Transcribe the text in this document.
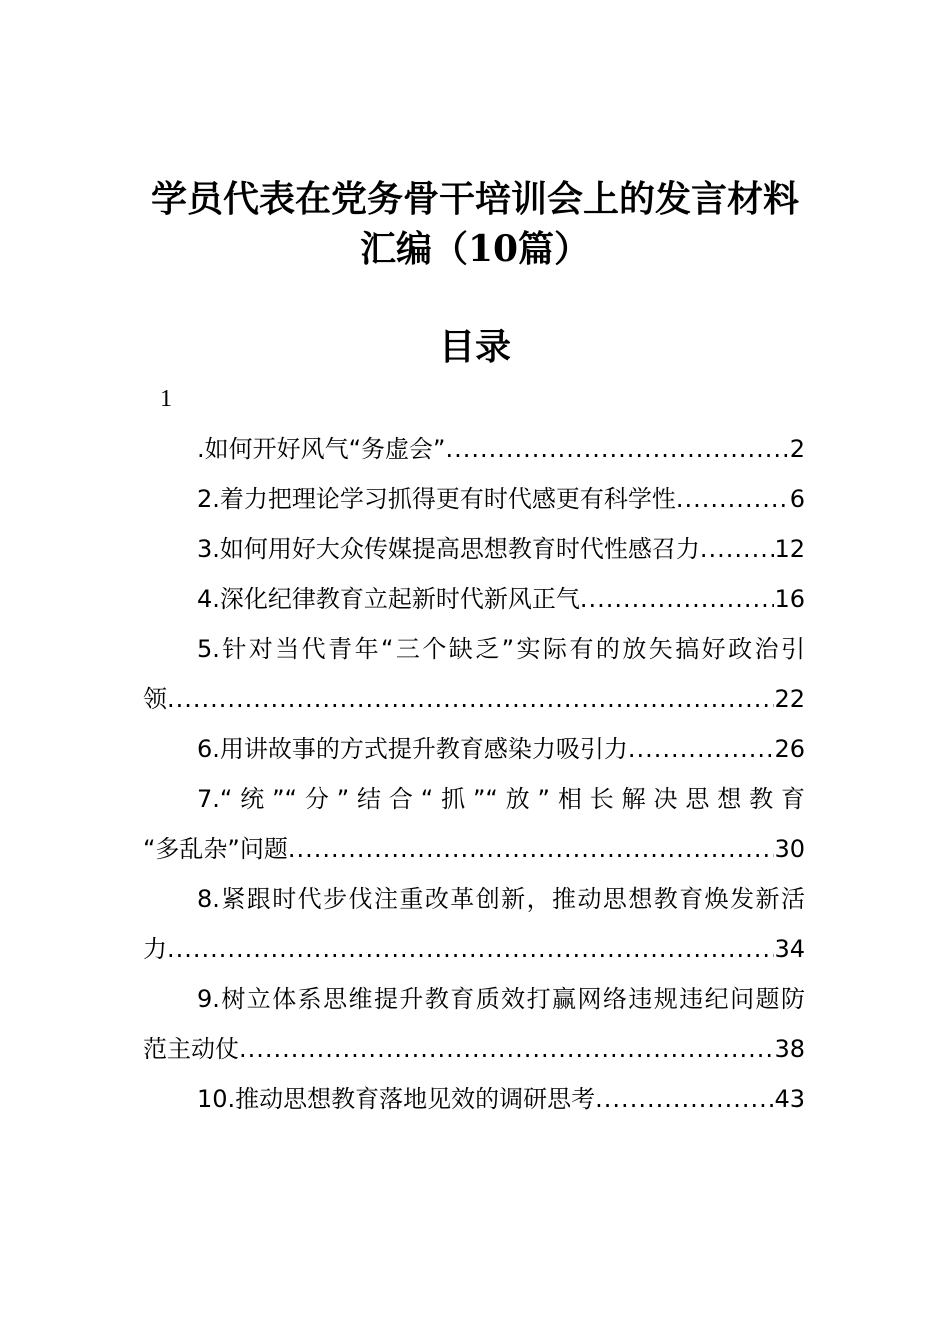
学员代表在党务骨干培训会上的发言材料
汇编（10篇）
目录
1
.如何开好风气“务虚会” .....	2
2.着力把理论学习抓得更有时代感更有科学性 .....	6
3.如何用好大众传媒提高思想教育时代性感召力 .....	12
4.深化纪律教育立起新时代新风正气 .....	16
5.针对当代青年“三个缺乏”实际有的放矢搞好政治引
领 .....	22
6.用讲故事的方式提升教育感染力吸引力 .....	26
7.“统”“分”结合“抓”“放”相长解决思想教育
“多乱杂”问题 .....	30
8.紧跟时代步伐注重改革创新，推动思想教育焕发新活
力 .....	34
9.树立体系思维提升教育质效打赢网络违规违纪问题防
范主动仗 .....	38
10.推动思想教育落地见效的调研思考 .....	43
